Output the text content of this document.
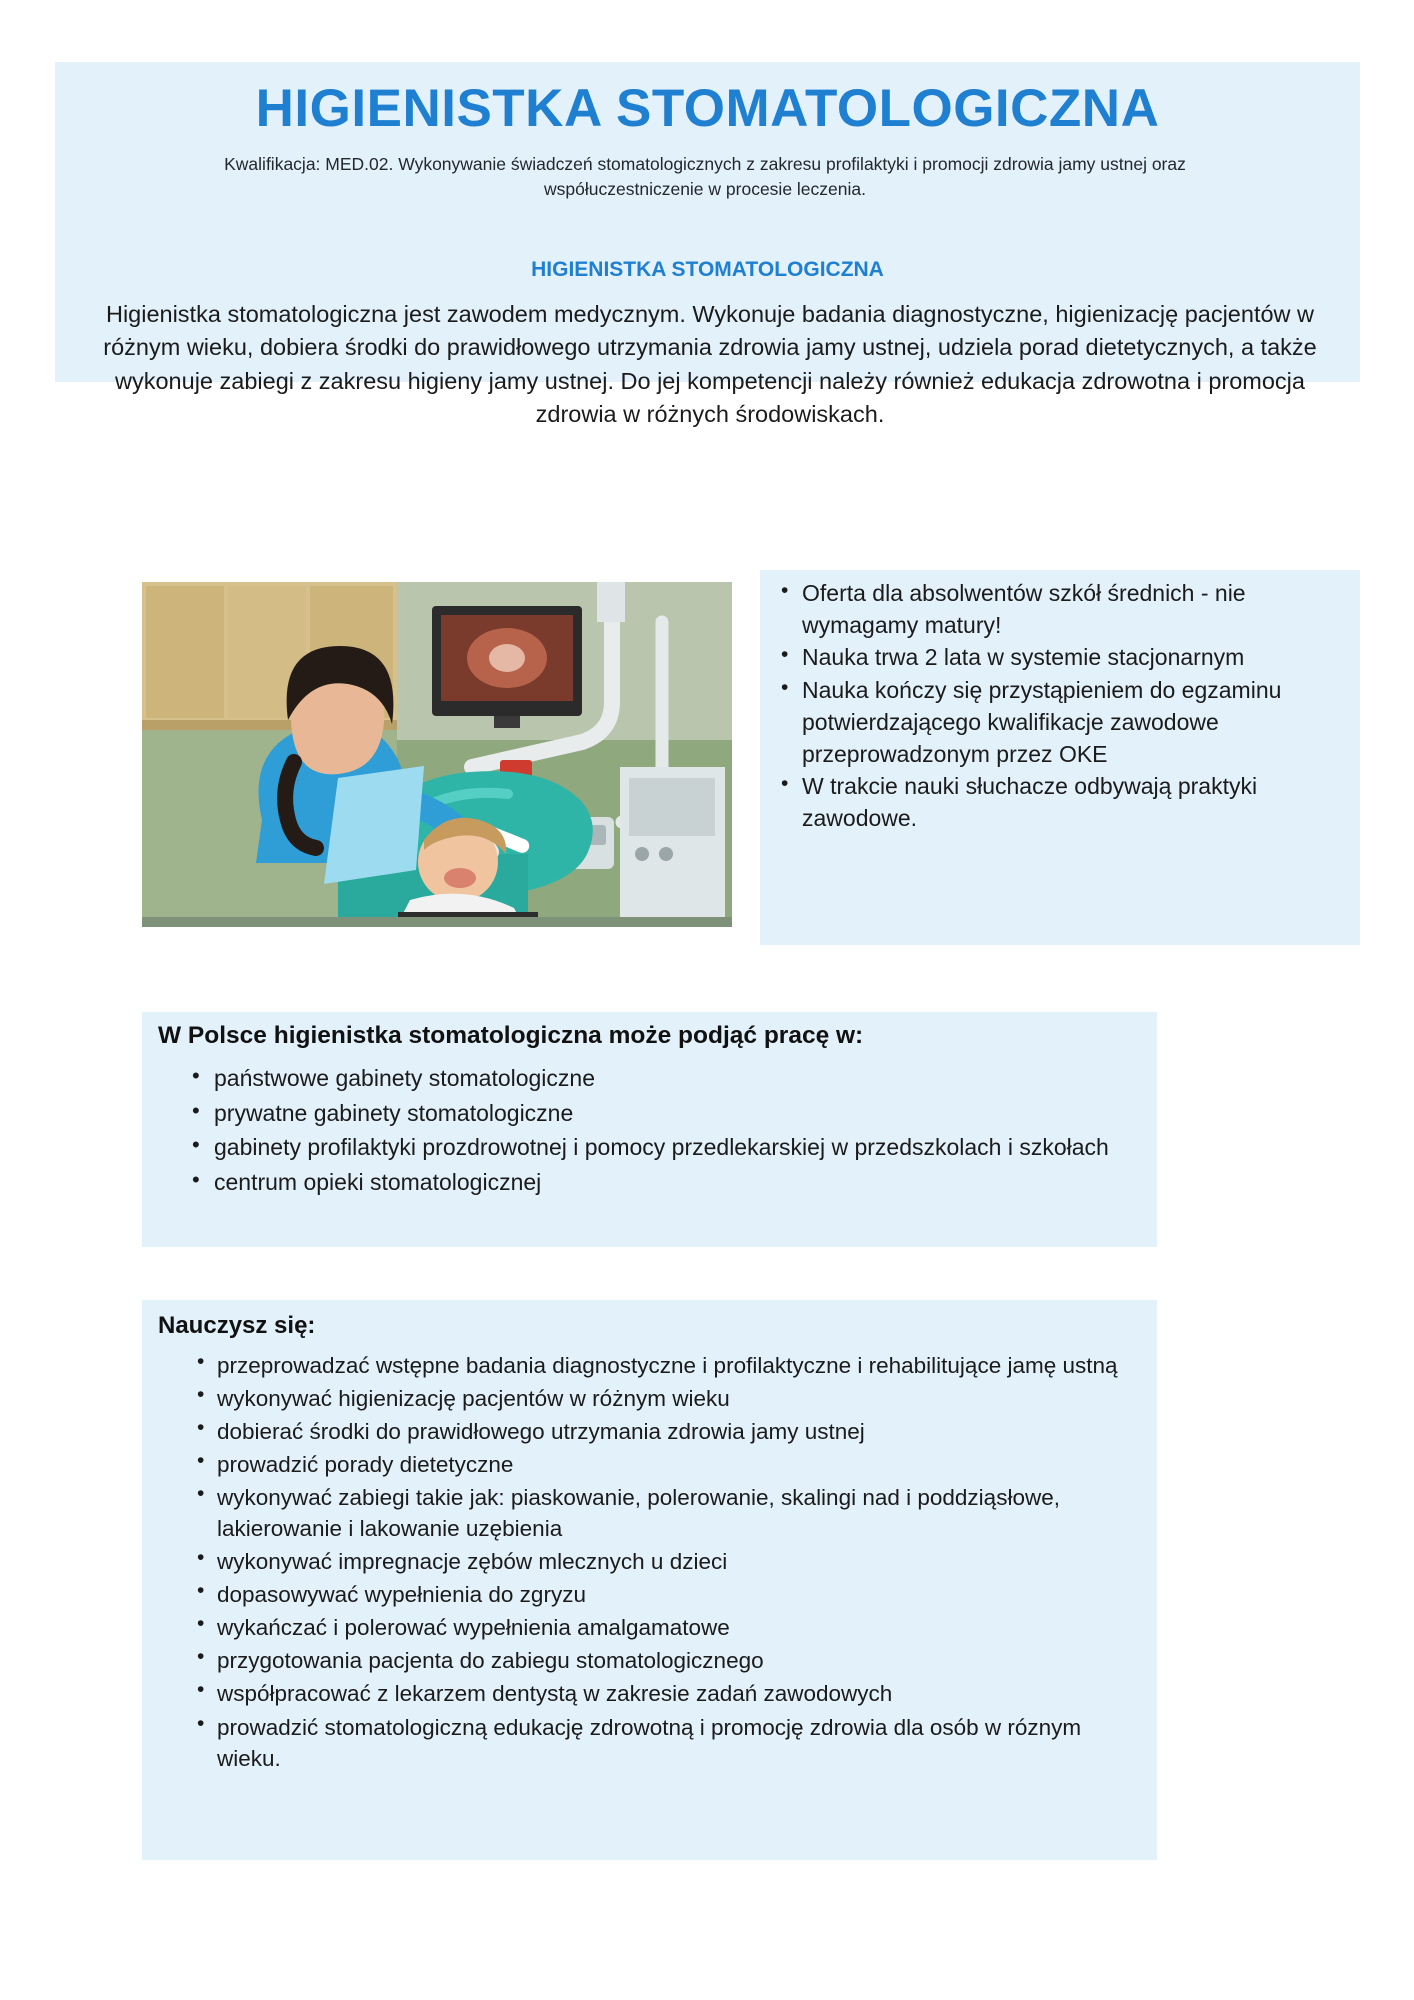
HIGIENISTKA STOMATOLOGICZNA
Kwalifikacja: MED.02. Wykonywanie świadczeń stomatologicznych z zakresu profilaktyki i promocji zdrowia jamy ustnej oraz współuczestniczenie w procesie leczenia.
HIGIENISTKA STOMATOLOGICZNA
Higienistka stomatologiczna jest zawodem medycznym. Wykonuje badania diagnostyczne, higienizację pacjentów w różnym wieku, dobiera środki do prawidłowego utrzymania zdrowia jamy ustnej, udziela porad dietetycznych, a także wykonuje zabiegi z zakresu higieny jamy ustnej. Do jej kompetencji należy również edukacja zdrowotna i promocja zdrowia w różnych środowiskach.
• Oferta dla absolwentów szkół średnich - nie wymagamy matury!
• Nauka trwa 2 lata w systemie stacjonarnym
• Nauka kończy się przystąpieniem do egzaminu potwierdzającego kwalifikacje zawodowe przeprowadzonym przez OKE
• W trakcie nauki słuchacze odbywają praktyki zawodowe.
W Polsce higienistka stomatologiczna może podjąć pracę w:
• państwowe gabinety stomatologiczne
• prywatne gabinety stomatologiczne
• gabinety profilaktyki prozdrowotnej i pomocy przedlekarskiej w przedszkolach i szkołach
• centrum opieki stomatologicznej
Nauczysz się:
• przeprowadzać wstępne badania diagnostyczne i profilaktyczne i rehabilitujące jamę ustną
• wykonywać higienizację pacjentów w różnym wieku
• dobierać środki do prawidłowego utrzymania zdrowia jamy ustnej
• prowadzić porady dietetyczne
• wykonywać zabiegi takie jak: piaskowanie, polerowanie, skalingi nad i poddziąsłowe, lakierowanie i lakowanie uzębienia
• wykonywać impregnacje zębów mlecznych u dzieci
• dopasowywać wypełnienia do zgryzu
• wykańczać i polerować wypełnienia amalgamatowe
• przygotowania pacjenta do zabiegu stomatologicznego
• współpracować z lekarzem dentystą w zakresie zadań zawodowych
• prowadzić stomatologiczną edukację zdrowotną i promocję zdrowia dla osób w róznym wieku.
